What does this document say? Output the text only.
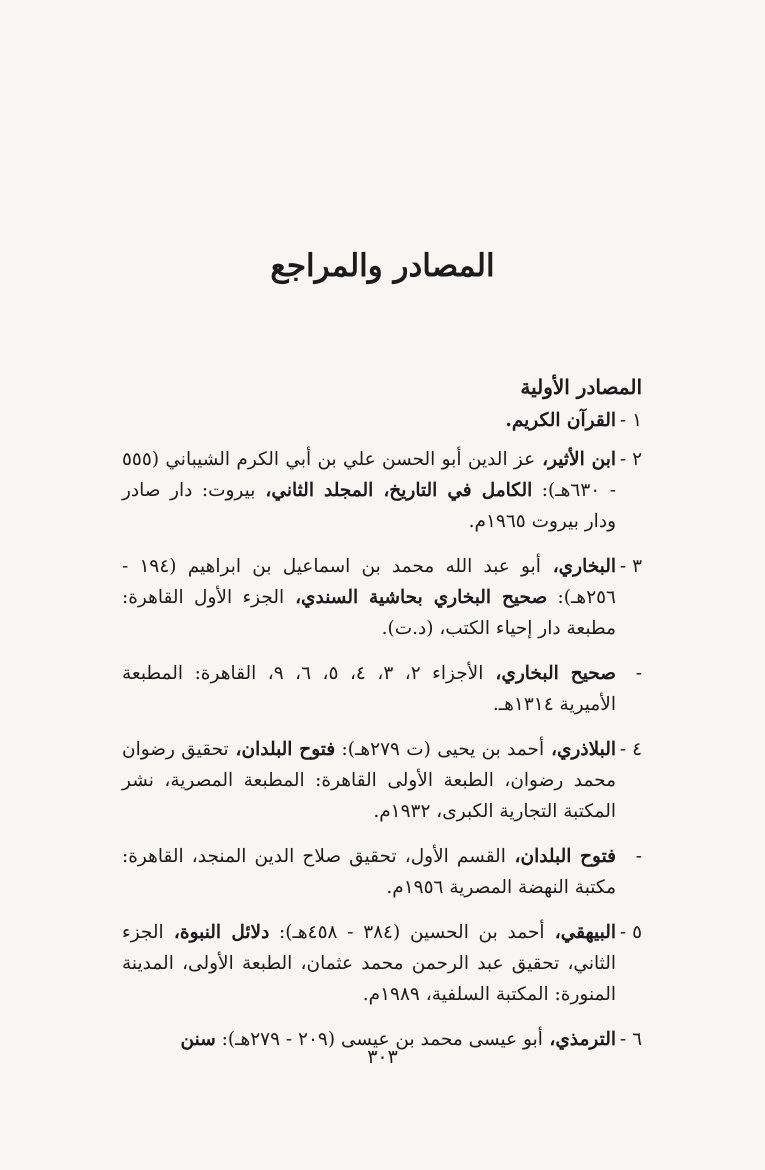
المصادر والمراجع
المصادر الأولية
١ -
القرآن الكريم.
٢ -
ابن الأثير، عز الدين أبو الحسن علي بن أبي الكرم الشيباني (٥٥٥ - ٦٣٠هـ): الكامل في التاريخ، المجلد الثاني، بيروت: دار صادر ودار بيروت ١٩٦٥م.
٣ -
البخاري، أبو عبد الله محمد بن اسماعيل بن ابراهيم (١٩٤ - ٢٥٦هـ): صحيح البخاري بحاشية السندي، الجزء الأول القاهرة: مطبعة دار إحياء الكتب، (د.ت).
-
صحيح البخاري، الأجزاء ٢، ٣، ٤، ٥، ٦، ٩، القاهرة: المطبعة الأميرية ١٣١٤هـ.
٤ -
البلاذري، أحمد بن يحيى (ت ٢٧٩هـ): فتوح البلدان، تحقيق رضوان محمد رضوان، الطبعة الأولى القاهرة: المطبعة المصرية، نشر المكتبة التجارية الكبرى، ١٩٣٢م.
-
فتوح البلدان، القسم الأول، تحقيق صلاح الدين المنجد، القاهرة: مكتبة النهضة المصرية ١٩٥٦م.
٥ -
البيهقي، أحمد بن الحسين (٣٨٤ - ٤٥٨هـ): دلائل النبوة، الجزء الثاني، تحقيق عبد الرحمن محمد عثمان، الطبعة الأولى، المدينة المنورة: المكتبة السلفية، ١٩٨٩م.
٦ -
الترمذي، أبو عيسى محمد بن عيسى (٢٠٩ - ٢٧٩هـ): سنن
٣٠٣
